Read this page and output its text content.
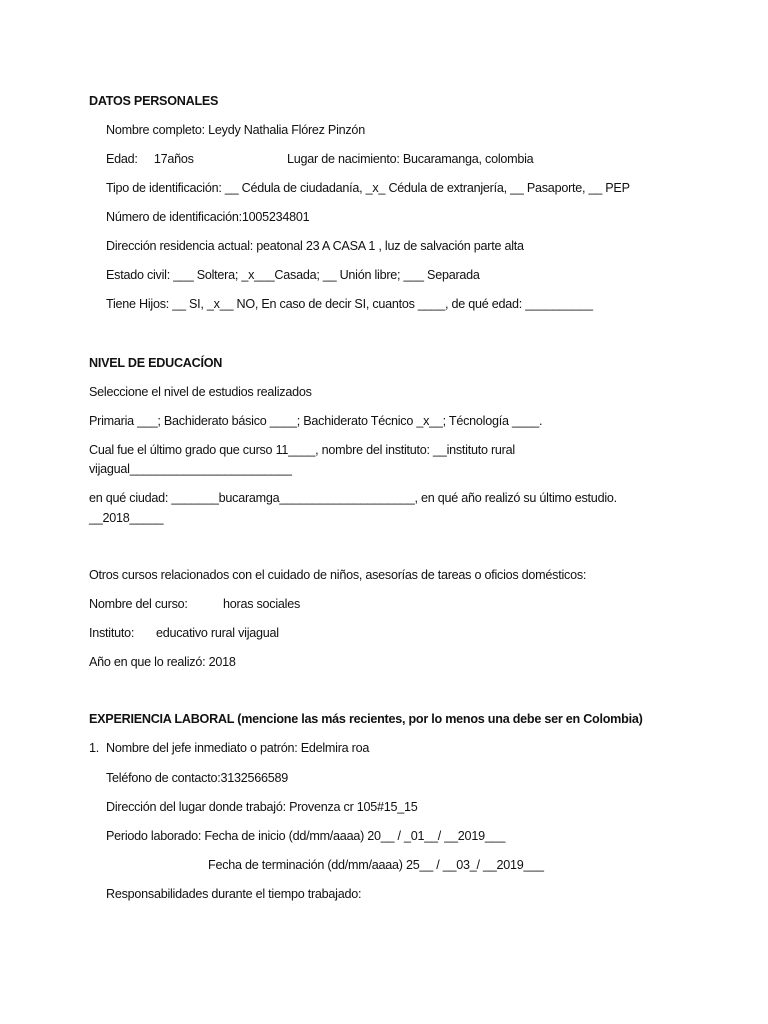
DATOS PERSONALES
Nombre completo: Leydy Nathalia Flórez Pinzón
Edad:     17años	Lugar de nacimiento: Bucaramanga, colombia
Tipo de identificación: __ Cédula de ciudadanía, _x_ Cédula de extranjería, __ Pasaporte, __ PEP
Número de identificación:1005234801
Dirección residencia actual: peatonal 23 A CASA 1 , luz de salvación parte alta
Estado civil: ___ Soltera; _x___Casada; __ Unión libre; ___ Separada
Tiene Hijos: __ SI, _x__ NO, En caso de decir SI, cuantos ____, de qué edad: __________
NIVEL DE EDUCACÍON
Seleccione el nivel de estudios realizados
Primaria ___; Bachiderato básico ____; Bachiderato Técnico _x__; Técnología ____.
Cual fue el último grado que curso 11____, nombre del instituto: __instituto rural
vijagual________________________
en qué ciudad: _______bucaramga____________________, en qué año realizó su último estudio.
__2018_____
Otros cursos relacionados con el cuidado de niños, asesorías de tareas o oficios domésticos:
Nombre del curso:	horas sociales
Instituto: educativo rural vijagual
Año en que lo realizó: 2018
EXPERIENCIA LABORAL (mencione las más recientes, por lo menos una debe ser en Colombia)
1. Nombre del jefe inmediato o patrón: Edelmira roa
Teléfono de contacto:3132566589
Dirección del lugar donde trabajó: Provenza cr 105#15_15
Periodo laborado: Fecha de inicio (dd/mm/aaaa) 20__ / _01__/ __2019___
Fecha de terminación (dd/mm/aaaa) 25__ / __03_/ __2019___
Responsabilidades durante el tiempo trabajado:
